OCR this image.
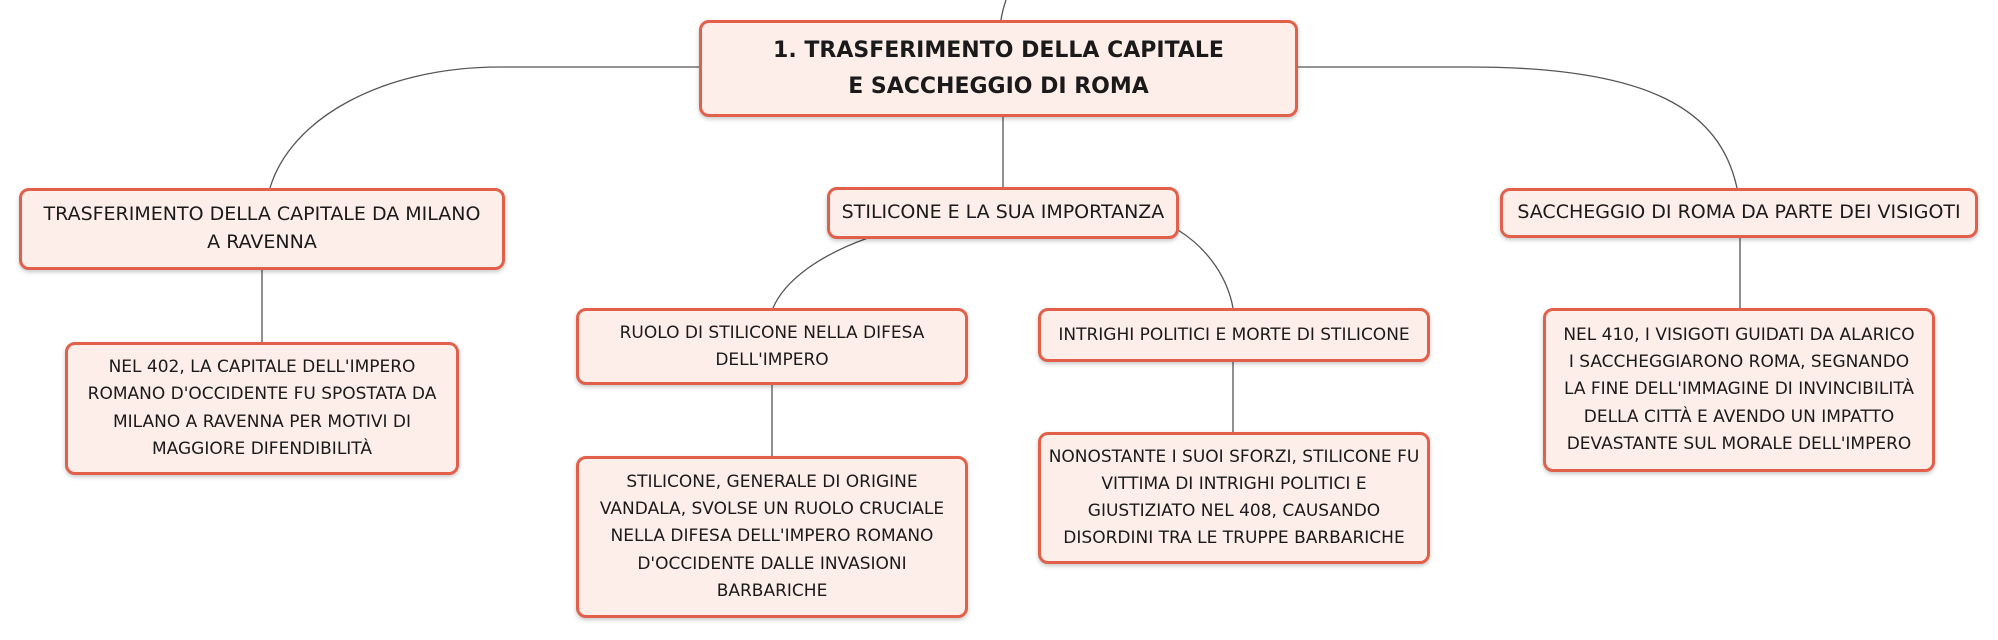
1. TRASFERIMENTO DELLA CAPITALE E SACCHEGGIO DI ROMA
TRASFERIMENTO DELLA CAPITALE DA MILANO A RAVENNA
STILICONE E LA SUA IMPORTANZA	SACCHEGGIO DI ROMA DA PARTE DEI VISIGOTI
NEL 402, LA CAPITALE DELL'IMPERO ROMANO D'OCCIDENTE FU SPOSTATA DA MILANO A RAVENNA PER MOTIVI DI MAGGIORE DIFENDIBILITÀ
RUOLO DI STILICONE NELLA DIFESA DELL'IMPERO
INTRIGHI POLITICI E MORTE DI STILICONE
STILICONE, GENERALE DI ORIGINE VANDALA, SVOLSE UN RUOLO CRUCIALE NELLA DIFESA DELL'IMPERO ROMANO D'OCCIDENTE DALLE INVASIONI BARBARICHE
NONOSTANTE I SUOI SFORZI, STILICONE FU VITTIMA DI INTRIGHI POLITICI E GIUSTIZIATO NEL 408, CAUSANDO DISORDINI TRA LE TRUPPE BARBARICHE
NEL 410, I VISIGOTI GUIDATI DA ALARICO I SACCHEGGIARONO ROMA, SEGNANDO LA FINE DELL'IMMAGINE DI INVINCIBILITÀ DELLA CITTÀ E AVENDO UN IMPATTO DEVASTANTE SUL MORALE DELL'IMPERO
